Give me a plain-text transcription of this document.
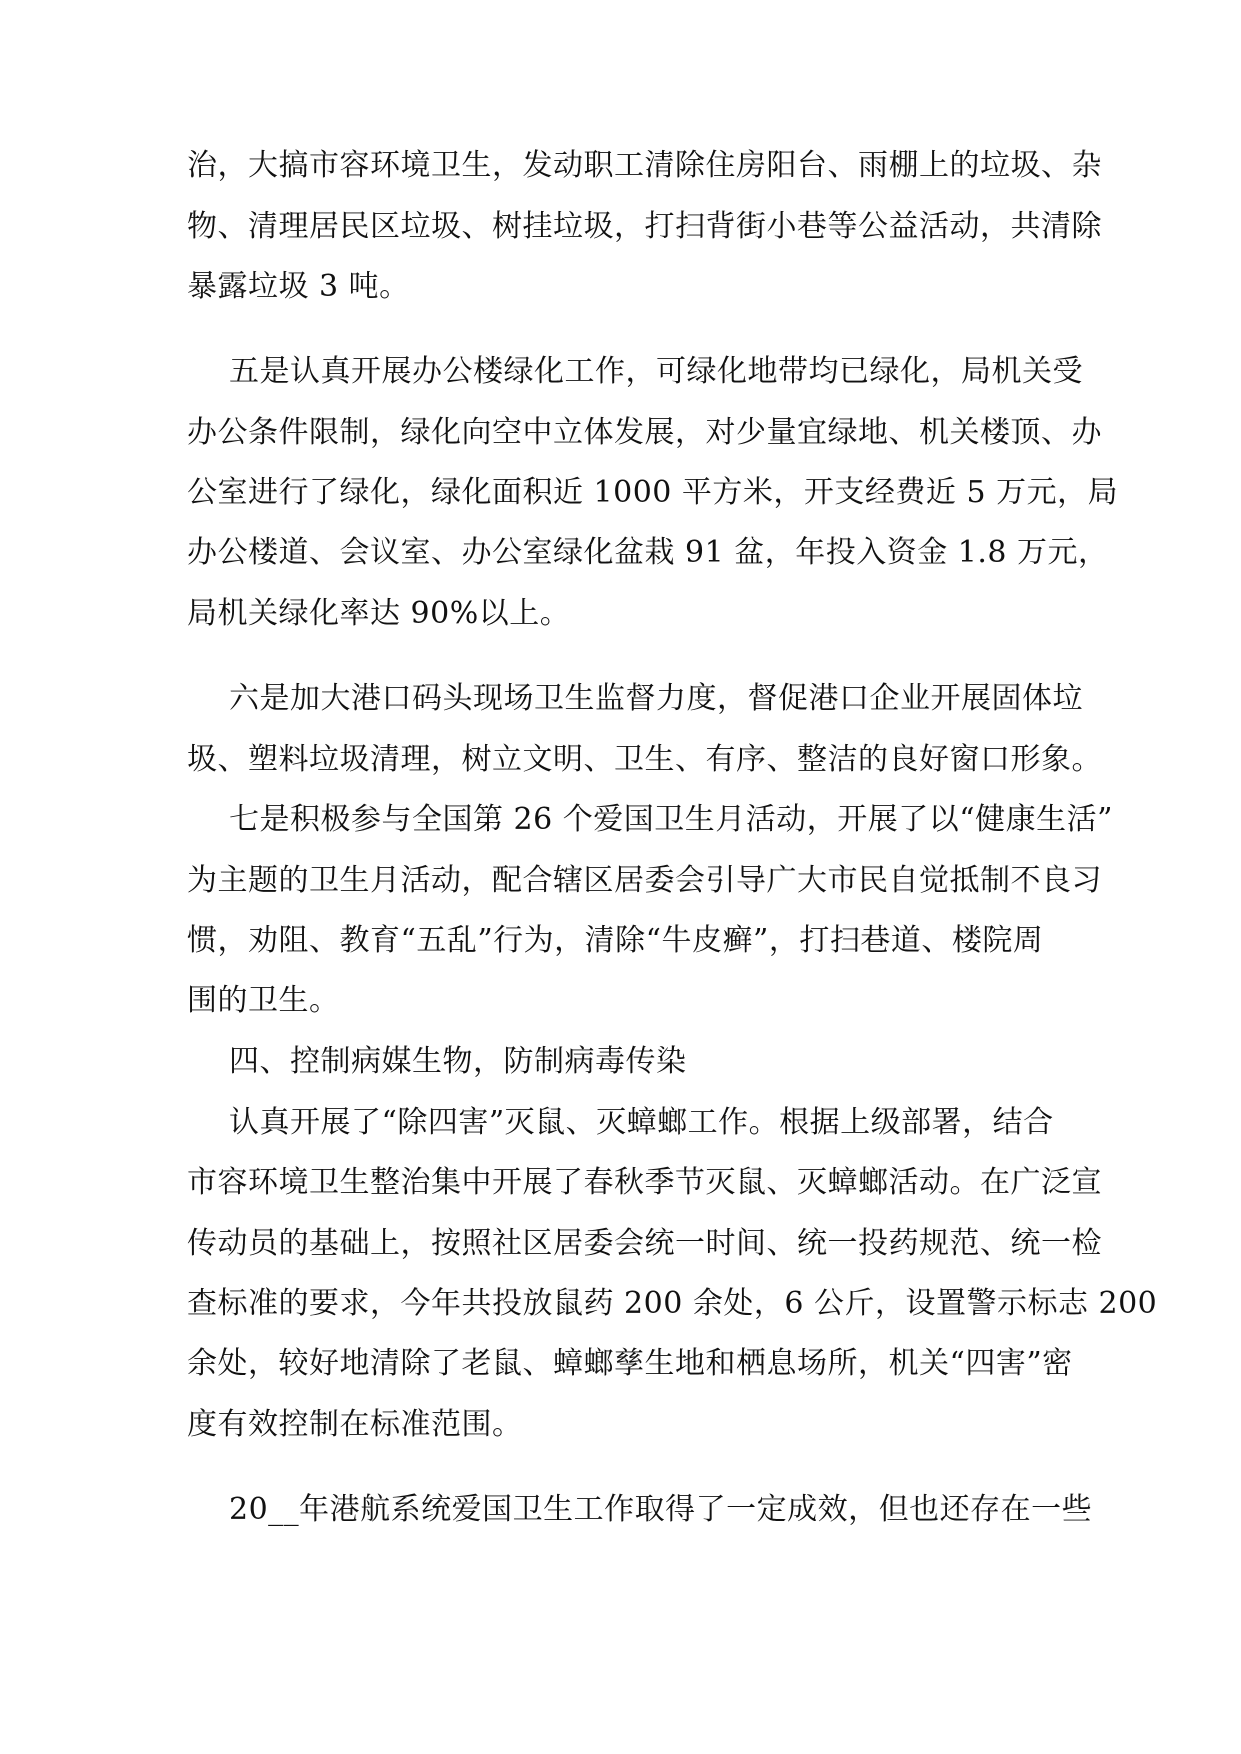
治，大搞市容环境卫生，发动职工清除住房阳台、雨棚上的垃圾、杂

物、清理居民区垃圾、树挂垃圾，打扫背街小巷等公益活动，共清除

暴露垃圾 3 吨。

五是认真开展办公楼绿化工作，可绿化地带均已绿化，局机关受

办公条件限制，绿化向空中立体发展，对少量宜绿地、机关楼顶、办

公室进行了绿化，绿化面积近 1000 平方米，开支经费近 5 万元，局

办公楼道、会议室、办公室绿化盆栽 91 盆，年投入资金 1.8 万元，

局机关绿化率达 90%以上。

六是加大港口码头现场卫生监督力度，督促港口企业开展固体垃

圾、塑料垃圾清理，树立文明、卫生、有序、整洁的良好窗口形象。

七是积极参与全国第 26 个爱国卫生月活动，开展了以“健康生活”

为主题的卫生月活动，配合辖区居委会引导广大市民自觉抵制不良习

惯，劝阻、教育“五乱”行为，清除“牛皮癣”，打扫巷道、楼院周

围的卫生。

四、控制病媒生物，防制病毒传染

认真开展了“除四害”灭鼠、灭蟑螂工作。根据上级部署，结合

市容环境卫生整治集中开展了春秋季节灭鼠、灭蟑螂活动。在广泛宣

传动员的基础上，按照社区居委会统一时间、统一投药规范、统一检

查标准的要求，今年共投放鼠药 200 余处，6 公斤，设置警示标志 200

余处，较好地清除了老鼠、蟑螂孳生地和栖息场所，机关“四害”密

度有效控制在标准范围。

20__年港航系统爱国卫生工作取得了一定成效，但也还存在一些
